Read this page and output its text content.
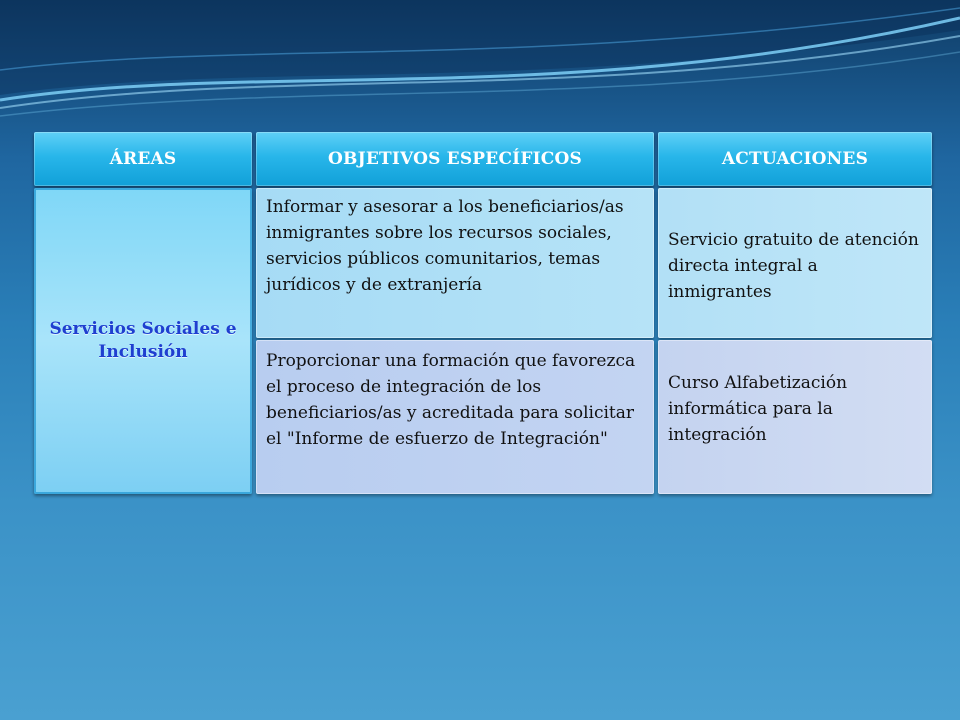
ÁREAS	OBJETIVOS ESPECÍFICOS	ACTUACIONES
Servicios Sociales e Inclusión
Informar y asesorar a los beneficiarios/as inmigrantes sobre los recursos sociales, servicios públicos comunitarios, temas jurídicos y de extranjería
Servicio gratuito de atención directa integral a inmigrantes
Proporcionar una formación que favorezca el proceso de integración de los beneficiarios/as y acreditada para solicitar el "Informe de esfuerzo de Integración"
Curso Alfabetización informática para la integración
